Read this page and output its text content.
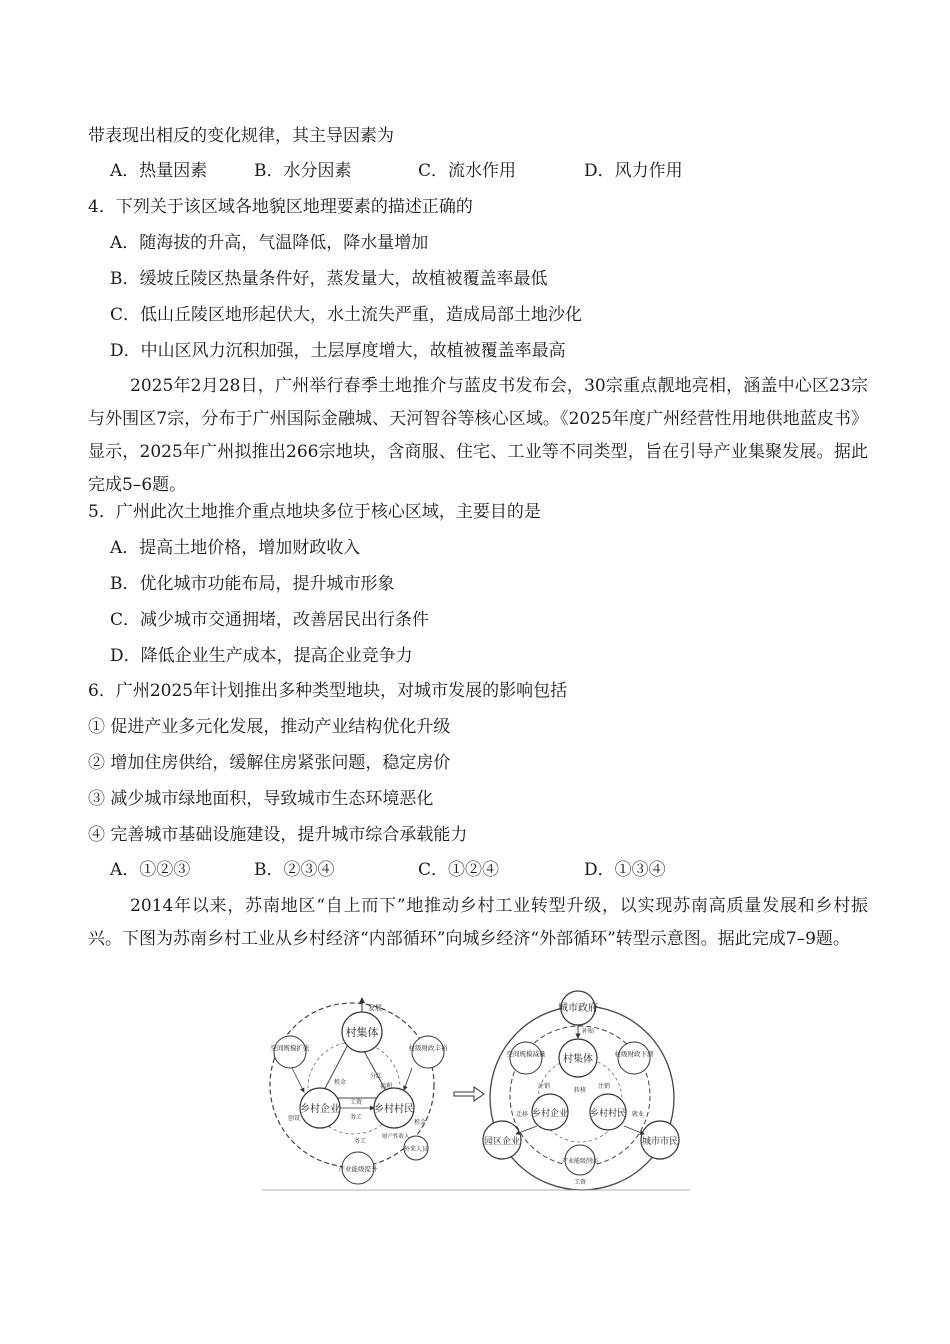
带表现出相反的变化规律，其主导因素为
A．热量因素	B．水分因素	C．流水作用	D．风力作用
4．下列关于该区域各地貌区地理要素的描述正确的
A．随海拔的升高，气温降低，降水量增加
B．缓坡丘陵区热量条件好，蒸发量大，故植被覆盖率最低
C．低山丘陵区地形起伏大，水土流失严重，造成局部土地沙化
D．中山区风力沉积加强，土层厚度增大，故植被覆盖率最高
2025年2月28日，广州举行春季土地推介与蓝皮书发布会，30宗重点靓地亮相，涵盖中心区23宗与外围区7宗，分布于广州国际金融城、天河智谷等核心区域。《2025年度广州经营性用地供地蓝皮书》显示，2025年广州拟推出266宗地块，含商服、住宅、工业等不同类型，旨在引导产业集聚发展。据此完成5–6题。
5．广州此次土地推介重点地块多位于核心区域，主要目的是
A．提高土地价格，增加财政收入
B．优化城市功能布局，提升城市形象
C．减少城市交通拥堵，改善居民出行条件
D．降低企业生产成本，提高企业竞争力
6．广州2025年计划推出多种类型地块，对城市发展的影响包括
① 促进产业多元化发展，推动产业结构优化升级
② 增加住房供给，缓解住房紧张问题，稳定房价
③ 减少城市绿地面积，导致城市生态环境恶化
④ 完善城市基础设施建设，提升城市综合承载能力
A．①②③	B．②③④	C．①②④	D．①③④
2014年以来，苏南地区“自上而下”地推动乡村工业转型升级，以实现苏南高质量发展和乡村振兴。下图为苏南乡村工业从乡村经济“内部循环”向城乡经济“外部循环”转型示意图。据此完成7–9题。
村集体
空间规模扩张	村级财政丰裕
乡村企业	乡村村民
产业能级提升
外来人员
发展
工资
务工
租金
租金
分红
福利
务工
财产性收入
创设
城市政府
村集体
空间规模减量	村级财政下滑
乡村企业 乡村村民
园区企业	城市市民
产业能级削弱
补贴
注销	注销
迁移	就业
转移
工资
